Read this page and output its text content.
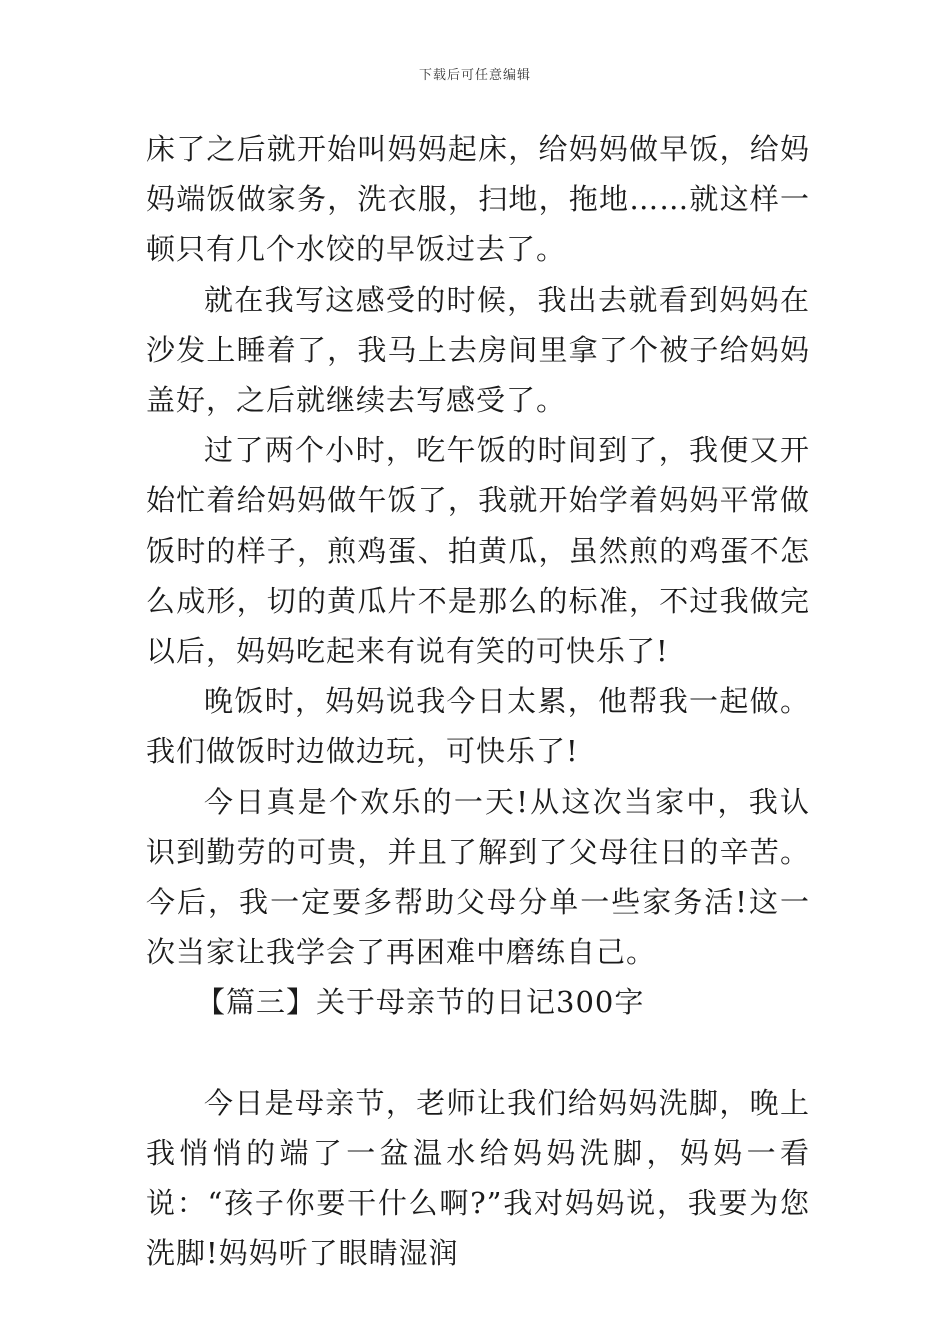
下载后可任意编辑

床了之后就开始叫妈妈起床，给妈妈做早饭，给妈妈端饭做家务，洗衣服，扫地，拖地……就这样一顿只有几个水饺的早饭过去了。

就在我写这感受的时候，我出去就看到妈妈在沙发上睡着了，我马上去房间里拿了个被子给妈妈盖好，之后就继续去写感受了。

过了两个小时，吃午饭的时间到了，我便又开始忙着给妈妈做午饭了，我就开始学着妈妈平常做饭时的样子，煎鸡蛋、拍黄瓜，虽然煎的鸡蛋不怎么成形，切的黄瓜片不是那么的标准，不过我做完以后，妈妈吃起来有说有笑的可快乐了!

晚饭时，妈妈说我今日太累，他帮我一起做。我们做饭时边做边玩，可快乐了!

今日真是个欢乐的一天!从这次当家中，我认识到勤劳的可贵，并且了解到了父母往日的辛苦。今后，我一定要多帮助父母分单一些家务活!这一次当家让我学会了再困难中磨练自己。

【篇三】关于母亲节的日记300字

今日是母亲节，老师让我们给妈妈洗脚，晚上我悄悄的端了一盆温水给妈妈洗脚，妈妈一看说：“孩子你要干什么啊?”我对妈妈说，我要为您洗脚!妈妈听了眼睛湿润
